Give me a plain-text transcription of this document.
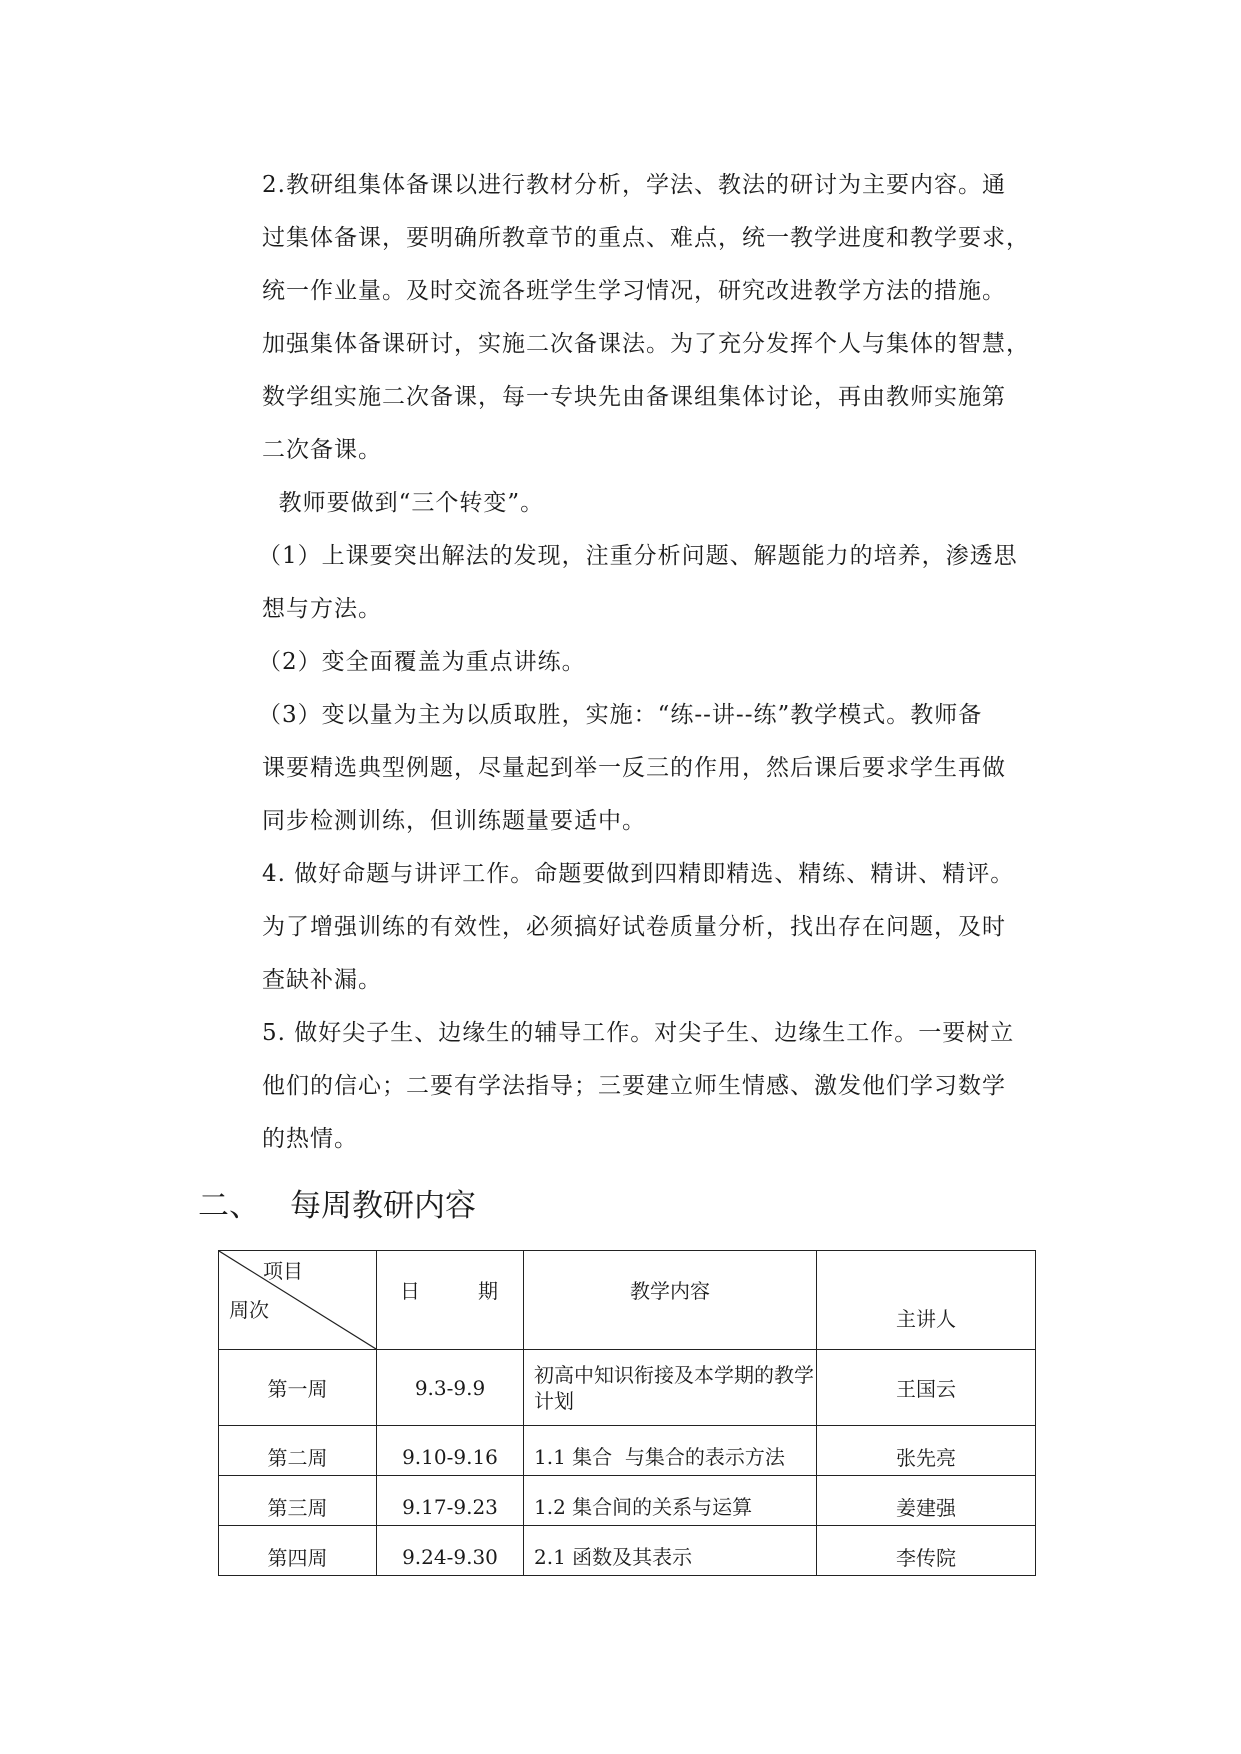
2.教研组集体备课以进行教材分析，学法、教法的研讨为主要内容。通
过集体备课，要明确所教章节的重点、难点，统一教学进度和教学要求，
统一作业量。及时交流各班学生学习情况，研究改进教学方法的措施。
加强集体备课研讨，实施二次备课法。为了充分发挥个人与集体的智慧，
数学组实施二次备课，每一专块先由备课组集体讨论，再由教师实施第
二次备课。
教师要做到“三个转变”。
（1）上课要突出解法的发现，注重分析问题、解题能力的培养，渗透思
想与方法。
（2）变全面覆盖为重点讲练。
（3）变以量为主为以质取胜，实施：“练--讲--练”教学模式。教师备
课要精选典型例题，尽量起到举一反三的作用，然后课后要求学生再做
同步检测训练，但训练题量要适中。
4. 做好命题与讲评工作。命题要做到四精即精选、精练、精讲、精评。
为了增强训练的有效性，必须搞好试卷质量分析，找出存在问题，及时
查缺补漏。
5. 做好尖子生、边缘生的辅导工作。对尖子生、边缘生工作。一要树立
他们的信心；二要有学法指导；三要建立师生情感、激发他们学习数学
的热情。
二、 每周教研内容
项目
周次	日 期	教学内容	主讲人
第一周	9.3-9.9	初高中知识衔接及本学期的教学计划	王国云
第二周	9.10-9.16	1.1 集合  与集合的表示方法	张先亮
第三周	9.17-9.23	1.2 集合间的关系与运算	姜建强
第四周	9.24-9.30	2.1 函数及其表示	李传院
